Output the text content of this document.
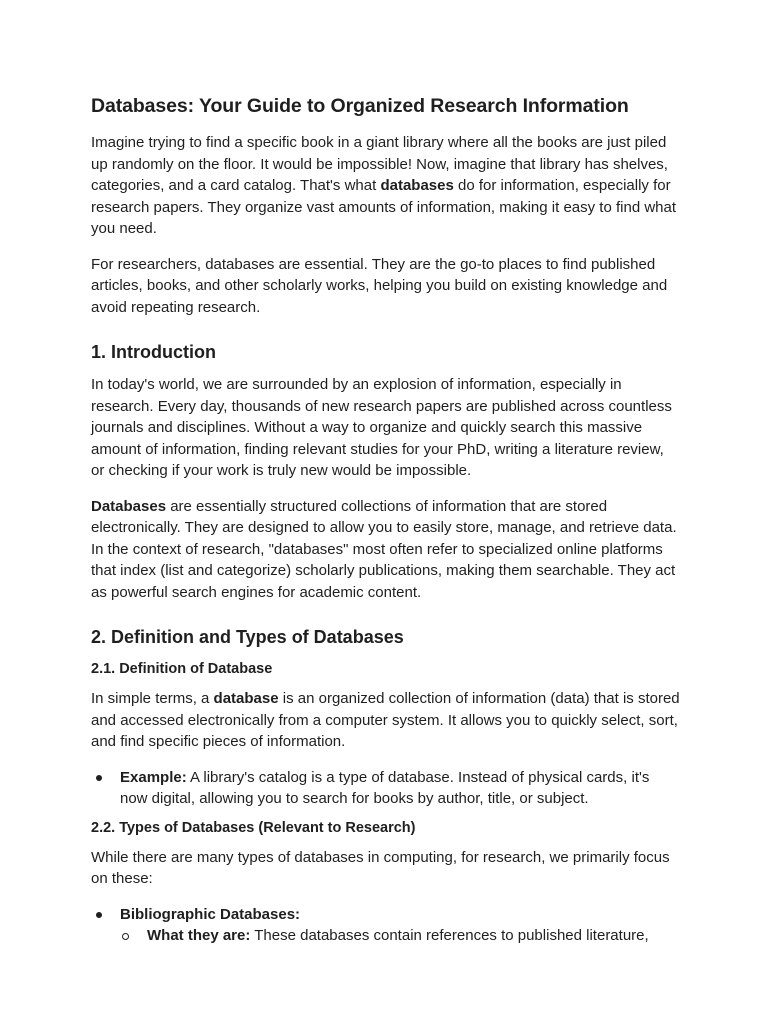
Databases: Your Guide to Organized Research Information

Imagine trying to find a specific book in a giant library where all the books are just piled up randomly on the floor. It would be impossible! Now, imagine that library has shelves, categories, and a card catalog. That's what databases do for information, especially for research papers. They organize vast amounts of information, making it easy to find what you need.

For researchers, databases are essential. They are the go-to places to find published articles, books, and other scholarly works, helping you build on existing knowledge and avoid repeating research.

1. Introduction

In today's world, we are surrounded by an explosion of information, especially in research. Every day, thousands of new research papers are published across countless journals and disciplines. Without a way to organize and quickly search this massive amount of information, finding relevant studies for your PhD, writing a literature review, or checking if your work is truly new would be impossible.

Databases are essentially structured collections of information that are stored electronically. They are designed to allow you to easily store, manage, and retrieve data. In the context of research, "databases" most often refer to specialized online platforms that index (list and categorize) scholarly publications, making them searchable. They act as powerful search engines for academic content.

2. Definition and Types of Databases
2.1. Definition of Database

In simple terms, a database is an organized collection of information (data) that is stored and accessed electronically from a computer system. It allows you to quickly select, sort, and find specific pieces of information.

Example: A library's catalog is a type of database. Instead of physical cards, it's now digital, allowing you to search for books by author, title, or subject.
2.2. Types of Databases (Relevant to Research)

While there are many types of databases in computing, for research, we primarily focus on these:

Bibliographic Databases:
What they are: These databases contain references to published literature,
